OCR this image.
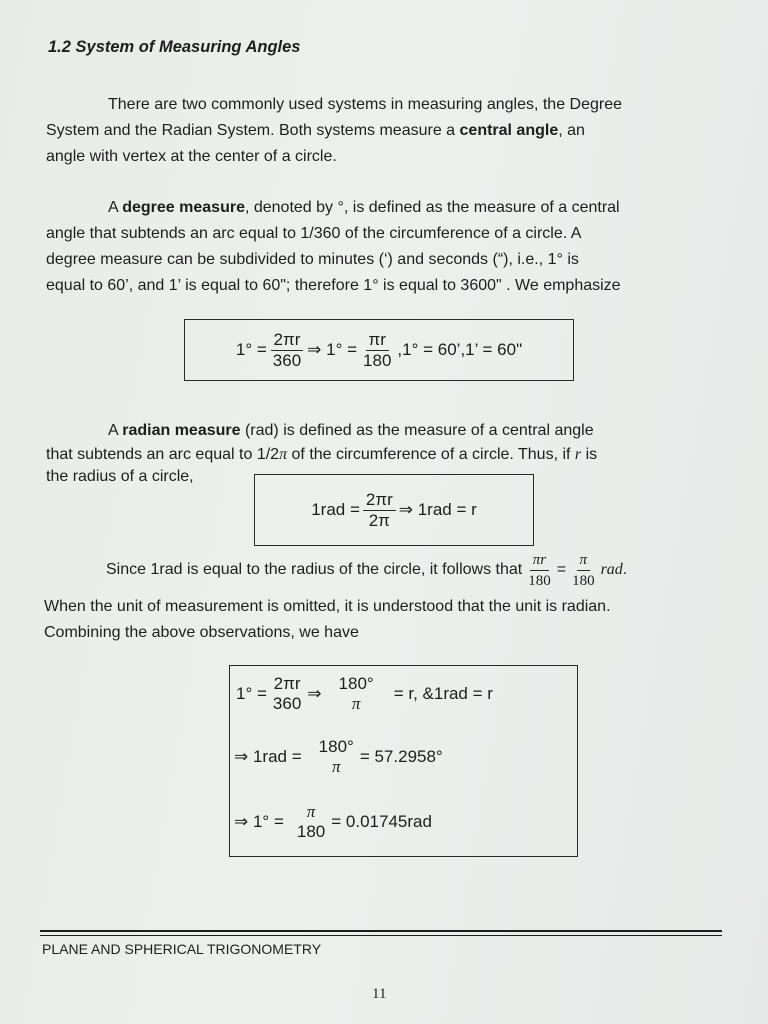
1.2 System of Measuring Angles

There are two commonly used systems in measuring angles, the Degree

System and the Radian System. Both systems measure a central angle, an

angle with vertex at the center of a circle.

A degree measure, denoted by °, is defined as the measure of a central

angle that subtends an arc equal to 1/360 of the circumference of a circle. A

degree measure can be subdivided to minutes (‘) and seconds (“), i.e., 1° is

equal to 60’, and 1’ is equal to 60"; therefore 1° is equal to 3600" . We emphasize

$1^\circ = \frac{2\pi r}{360}$ ⇒ $1^\circ = \frac{\pi r}{180} ,1^\circ$ = 60’,1’ = 60"

A radian measure (rad) is defined as the measure of a central angle

that subtends an arc equal to 1/2π of the circumference of a circle. Thus, if r is

the radius of a circle,

$1rad = \frac{2\pi r}{2\pi}$ ⇒ 1rad = r
Since 1rad is equal to the radius of the circle, it follows that $\frac{\pi r}{180} = \frac{\pi}{180}$ rad .

When the unit of measurement is omitted, it is understood that the unit is radian.

Combining the above observations, we have

1° =
2πr
360
⇒
180°
π
= r, &1rad = r
⇒ 1rad =
180°
π
= 57.2958°
⇒ 1° =
π
180
= 0.01745rad
PLANE AND SPHERICAL TRIGONOMETRY
11
